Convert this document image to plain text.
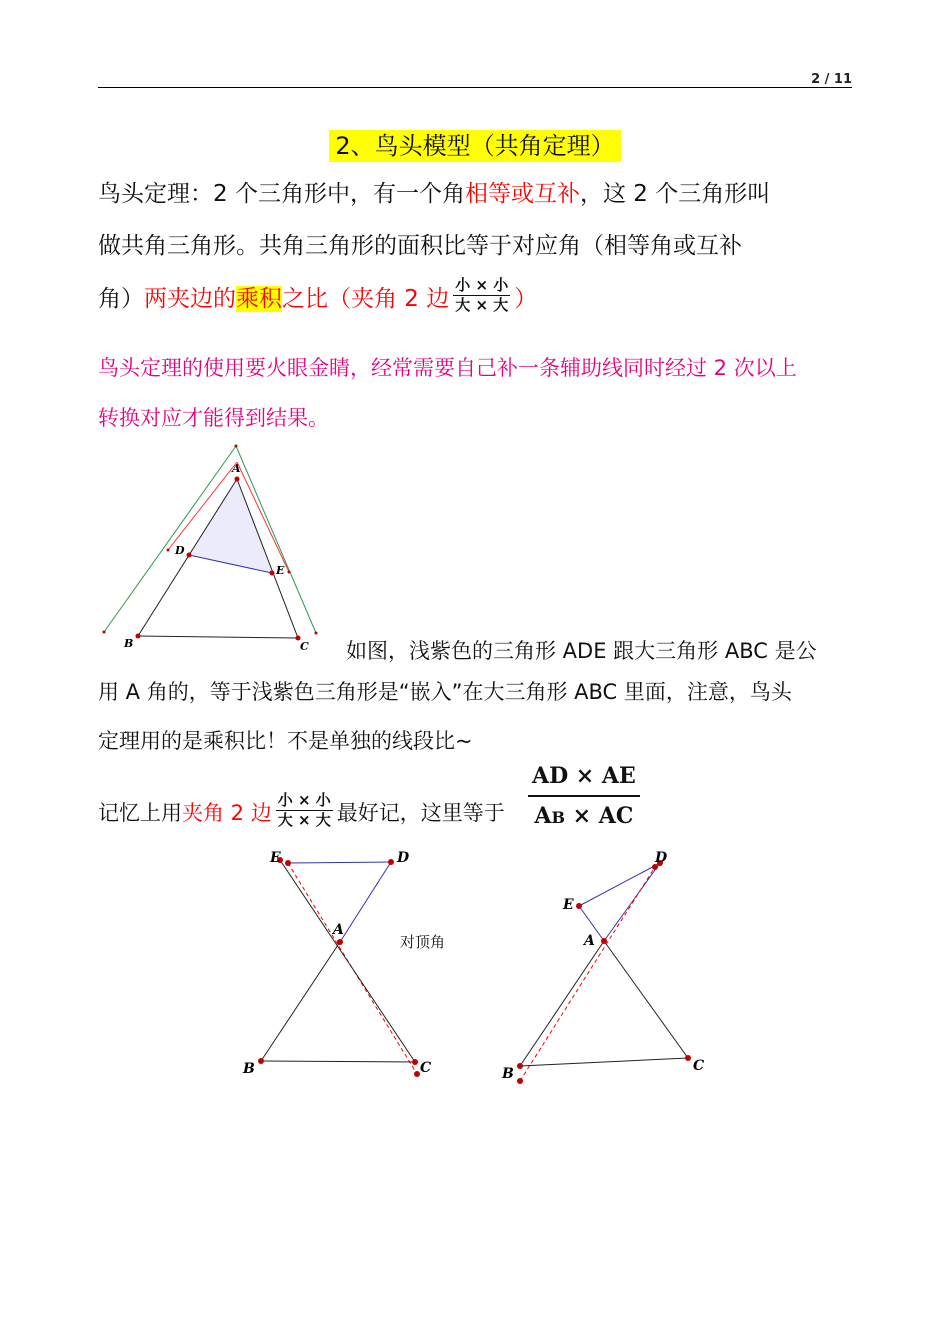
2 / 11
2、鸟头模型（共角定理）
鸟头定理：2 个三角形中，有一个角相等或互补，这 2 个三角形叫
做共角三角形。共角三角形的面积比等于对应角（相等角或互补
角）两夹边的乘积之比（夹角 2 边 $\frac{\text{小 × 小}}{\text{大 × 大}}$ ）
鸟头定理的使用要火眼金睛，经常需要自己补一条辅助线同时经过 2 次以上
转换对应才能得到结果。
A
D
E
B	C 如图，浅紫色的三角形 ADE 跟大三角形 ABC 是公
用 A 角的，等于浅紫色三角形是“嵌入”在大三角形 ABC 里面，注意，鸟头
定理用的是乘积比！不是单独的线段比~
记忆上用夹角 2 边 $\frac{\text{小 × 小}}{\text{大 × 大}}$ 最好记，这里等于 $\frac{AD \times AE}{AB \times AC}$
E	D
A
B	C
对顶角
E
D
A
B	C
